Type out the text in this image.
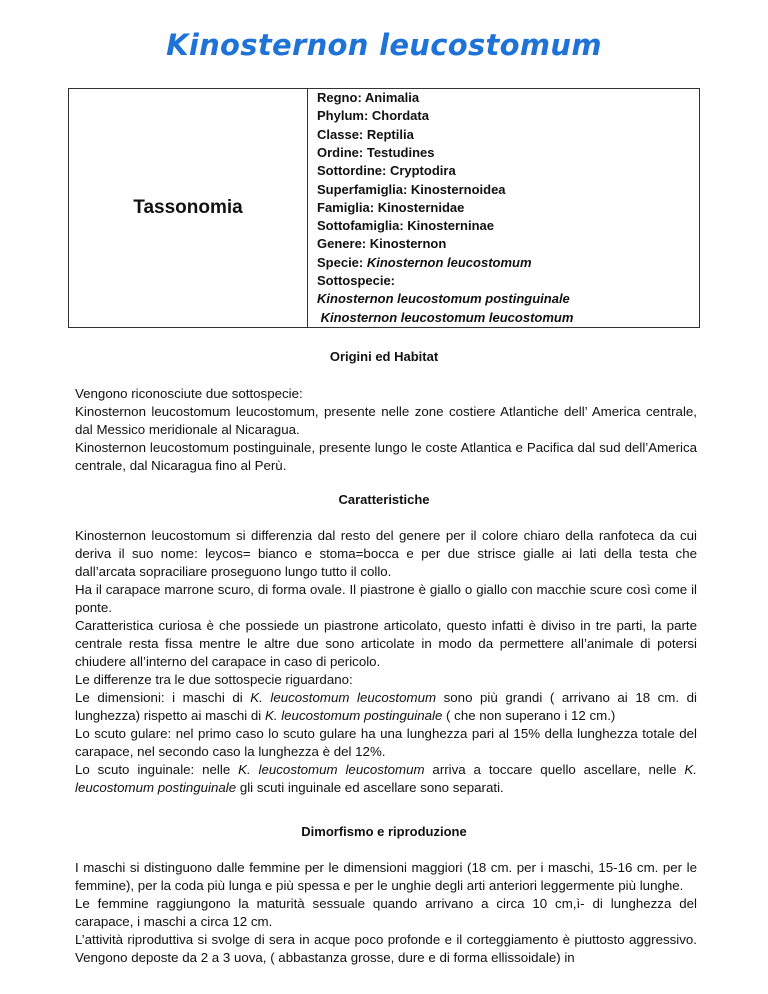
Kinosternon leucostomum
Tassonomia	
Regno: Animalia
Phylum: Chordata
Classe: Reptilia
Ordine: Testudines
Sottordine: Cryptodira
Superfamiglia: Kinosternoidea
Famiglia: Kinosternidae
Sottofamiglia: Kinosterninae
Genere: Kinosternon
Specie: Kinosternon leucostomum
Sottospecie:
Kinosternon leucostomum postinguinale
Kinosternon leucostomum leucostomum
Origini ed Habitat

Vengono riconosciute due sottospecie:

Kinosternon leucostomum leucostomum, presente nelle zone costiere Atlantiche dell’ America centrale, dal Messico meridionale al Nicaragua.

Kinosternon leucostomum postinguinale, presente lungo le coste Atlantica e Pacifica dal sud dell’America centrale, dal Nicaragua fino al Perù.

Caratteristiche

Kinosternon leucostomum si differenzia dal resto del genere per il colore chiaro della ranfoteca da cui deriva il suo nome: leycos= bianco e stoma=bocca e per due strisce gialle ai lati della testa che dall’arcata sopraciliare proseguono lungo tutto il collo.

Ha il carapace marrone scuro, di forma ovale. Il piastrone è giallo o giallo con macchie scure così come il ponte.

Caratteristica curiosa è che possiede un piastrone articolato, questo infatti è diviso in tre parti, la parte centrale resta fissa mentre le altre due sono articolate in modo da permettere all’animale di potersi chiudere all’interno del carapace in caso di pericolo.

Le differenze tra le due sottospecie riguardano:

Le dimensioni: i maschi di K. leucostomum leucostomum sono più grandi ( arrivano ai 18 cm. di lunghezza) rispetto ai maschi di K. leucostomum postinguinale ( che non superano i 12 cm.)

Lo scuto gulare: nel primo caso lo scuto gulare ha una lunghezza pari al 15% della lunghezza totale del carapace, nel secondo caso la lunghezza è del 12%.

Lo scuto inguinale: nelle K. leucostomum leucostomum arriva a toccare quello ascellare, nelle K. leucostomum postinguinale gli scuti inguinale ed ascellare sono separati.

Dimorfismo e riproduzione

I maschi si distinguono dalle femmine per le dimensioni maggiori (18 cm. per i maschi, 15-16 cm. per le femmine), per la coda più lunga e più spessa e per le unghie degli arti anteriori leggermente più lunghe.

Le femmine raggiungono la maturità sessuale quando arrivano a circa 10 cm,ì- di lunghezza del carapace, i maschi a circa 12 cm.

L’attività riproduttiva si svolge di sera in acque poco profonde e il corteggiamento è piuttosto aggressivo. Vengono deposte da 2 a 3 uova, ( abbastanza grosse, dure e di forma ellissoidale) in
